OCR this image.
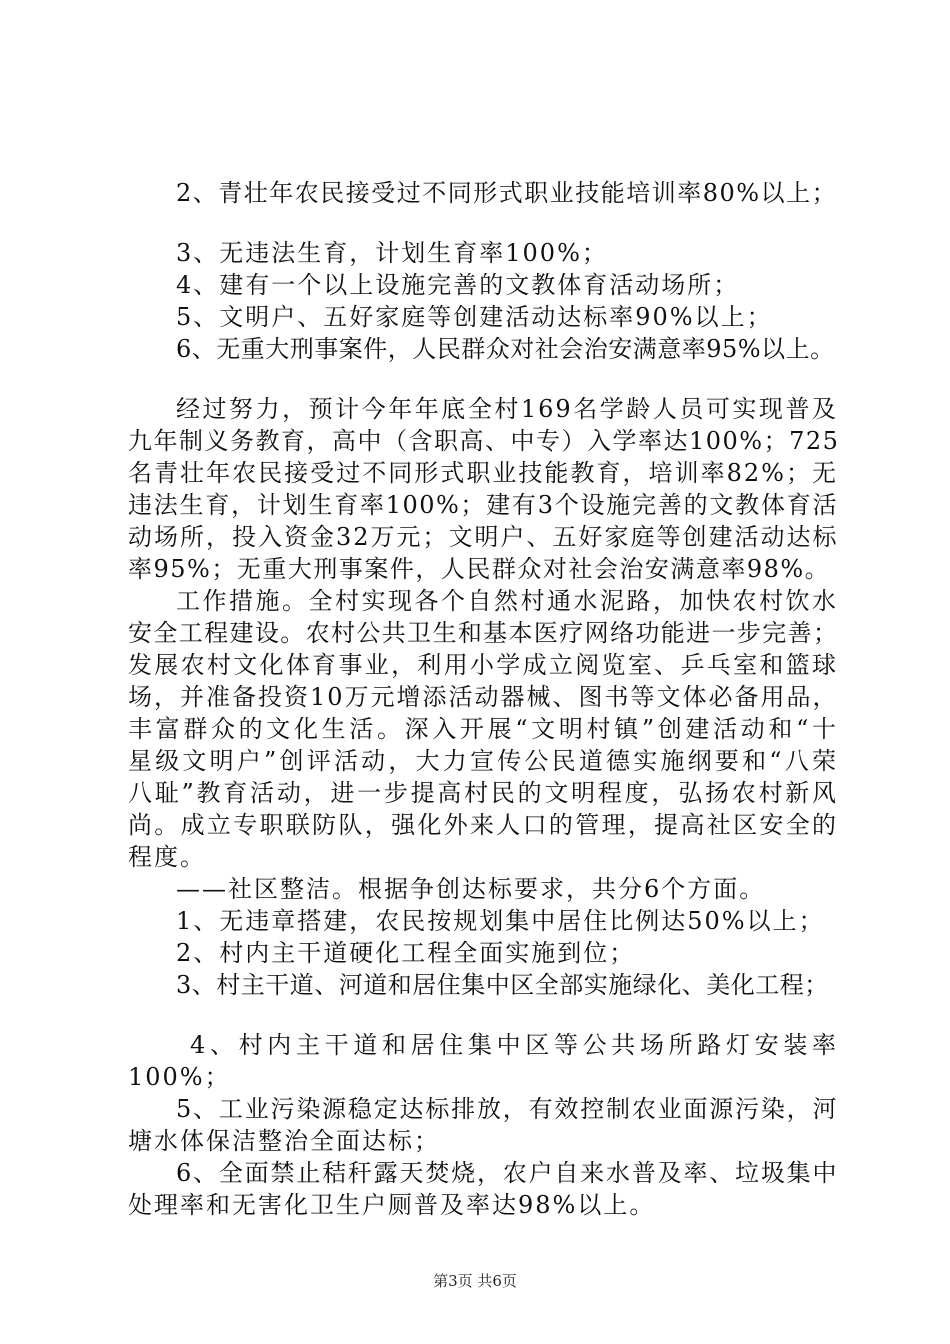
2、青壮年农民接受过不同形式职业技能培训率80%以上；
3、无违法生育，计划生育率100%；
4、建有一个以上设施完善的文教体育活动场所；
5、文明户、五好家庭等创建活动达标率90%以上；
6、无重大刑事案件，人民群众对社会治安满意率95%以上。
经过努力，预计今年年底全村169名学龄人员可实现普及
九年制义务教育，高中（含职高、中专）入学率达100%；725
名青壮年农民接受过不同形式职业技能教育，培训率82%；无
违法生育，计划生育率100%；建有3个设施完善的文教体育活
动场所，投入资金32万元；文明户、五好家庭等创建活动达标
率95%；无重大刑事案件，人民群众对社会治安满意率98%。
工作措施。全村实现各个自然村通水泥路，加快农村饮水
安全工程建设。农村公共卫生和基本医疗网络功能进一步完善；
发展农村文化体育事业，利用小学成立阅览室、乒乓室和篮球
场，并准备投资10万元增添活动器械、图书等文体必备用品，
丰富群众的文化生活。深入开展“文明村镇”创建活动和“十
星级文明户”创评活动，大力宣传公民道德实施纲要和“八荣
八耻”教育活动，进一步提高村民的文明程度，弘扬农村新风
尚。成立专职联防队，强化外来人口的管理，提高社区安全的
程度。
——社区整洁。根据争创达标要求，共分6个方面。
1、无违章搭建，农民按规划集中居住比例达50%以上；
2、村内主干道硬化工程全面实施到位；
3、村主干道、河道和居住集中区全部实施绿化、美化工程；
4、村内主干道和居住集中区等公共场所路灯安装率
100%；
5、工业污染源稳定达标排放，有效控制农业面源污染，河
塘水体保洁整治全面达标；
6、全面禁止秸秆露天焚烧，农户自来水普及率、垃圾集中
处理率和无害化卫生户厕普及率达98%以上。
第3页 共6页
